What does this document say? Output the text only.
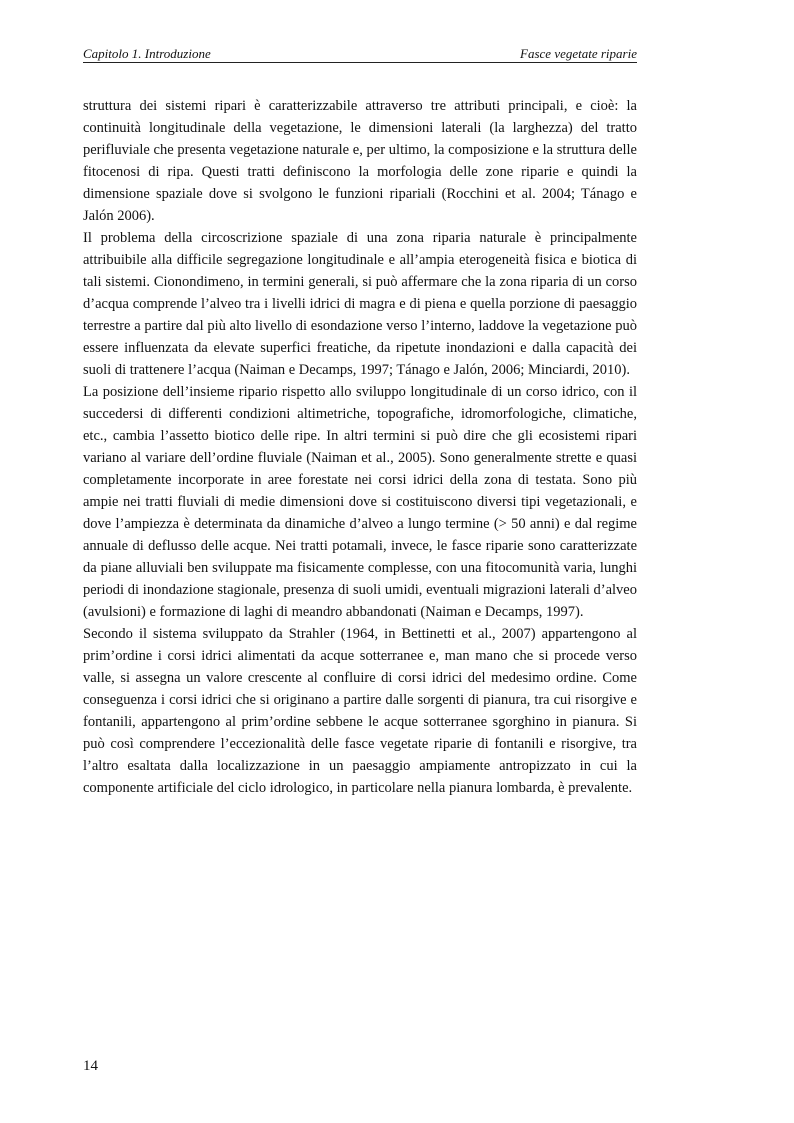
Capitolo 1. Introduzione	Fasce vegetate riparie

struttura dei sistemi ripari è caratterizzabile attraverso tre attributi principali, e cioè: la continuità longitudinale della vegetazione, le dimensioni laterali (la larghezza) del tratto perifluviale che presenta vegetazione naturale e, per ultimo, la composizione e la struttura delle fitocenosi di ripa. Questi tratti definiscono la morfologia delle zone riparie e quindi la dimensione spaziale dove si svolgono le funzioni ripariali (Rocchini et al. 2004; Tánago e Jalón 2006).

Il problema della circoscrizione spaziale di una zona riparia naturale è principalmente attribuibile alla difficile segregazione longitudinale e all’ampia eterogeneità fisica e biotica di tali sistemi. Cionondimeno, in termini generali, si può affermare che la zona riparia di un corso d’acqua comprende l’alveo tra i livelli idrici di magra e di piena e quella porzione di paesaggio terrestre a partire dal più alto livello di esondazione verso l’interno, laddove la vegetazione può essere influenzata da elevate superfici freatiche, da ripetute inondazioni e dalla capacità dei suoli di trattenere l’acqua (Naiman e Decamps, 1997; Tánago e Jalón, 2006; Minciardi, 2010).

La posizione dell’insieme ripario rispetto allo sviluppo longitudinale di un corso idrico, con il succedersi di differenti condizioni altimetriche, topografiche, idromorfologiche, climatiche, etc., cambia l’assetto biotico delle ripe. In altri termini si può dire che gli ecosistemi ripari variano al variare dell’ordine fluviale (Naiman et al., 2005). Sono generalmente strette e quasi completamente incorporate in aree forestate nei corsi idrici della zona di testata. Sono più ampie nei tratti fluviali di medie dimensioni dove si costituiscono diversi tipi vegetazionali, e dove l’ampiezza è determinata da dinamiche d’alveo a lungo termine (> 50 anni) e dal regime annuale di deflusso delle acque. Nei tratti potamali, invece, le fasce riparie sono caratterizzate da piane alluviali ben sviluppate ma fisicamente complesse, con una fitocomunità varia, lunghi periodi di inondazione stagionale, presenza di suoli umidi, eventuali migrazioni laterali d’alveo (avulsioni) e formazione di laghi di meandro abbandonati (Naiman e Decamps, 1997).

Secondo il sistema sviluppato da Strahler (1964, in Bettinetti et al., 2007) appartengono al prim’ordine i corsi idrici alimentati da acque sotterranee e, man mano che si procede verso valle, si assegna un valore crescente al confluire di corsi idrici del medesimo ordine. Come conseguenza i corsi idrici che si originano a partire dalle sorgenti di pianura, tra cui risorgive e fontanili, appartengono al prim’ordine sebbene le acque sotterranee sgorghino in pianura. Si può così comprendere l’eccezionalità delle fasce vegetate riparie di fontanili e risorgive, tra l’altro esaltata dalla localizzazione in un paesaggio ampiamente antropizzato in cui la componente artificiale del ciclo idrologico, in particolare nella pianura lombarda, è prevalente.

14
